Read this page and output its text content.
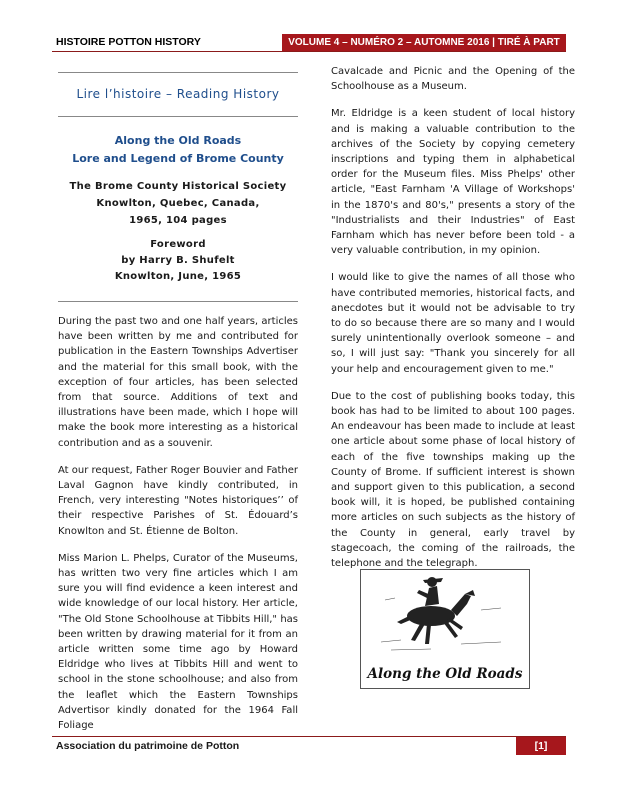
HISTOIRE POTTON HISTORY	VOLUME 4 – NUMÉRO 2 – AUTOMNE 2016 | TIRÉ À PART
Lire l’histoire – Reading History
Along the Old Roads
Lore and Legend of Brome County
The Brome County Historical Society
Knowlton, Quebec, Canada,
1965, 104 pages
Foreword
by Harry B. Shufelt
Knowlton, June, 1965

During the past two and one half years, articles have been written by me and contributed for publication in the Eastern Townships Advertiser and the material for this small book, with the exception of four articles, has been selected from that source. Additions of text and illustrations have been made, which I hope will make the book more interesting as a historical contribution and as a souvenir.

At our request, Father Roger Bouvier and Father Laval Gagnon have kindly contributed, in French, very interesting "Notes historiques’’ of their respective Parishes of St. Édouard’s Knowlton and St. Étienne de Bolton.

Miss Marion L. Phelps, Curator of the Museums, has written two very fine articles which I am sure you will find evidence a keen interest and wide knowledge of our local history. Her article, "The Old Stone Schoolhouse at Tibbits Hill," has been written by drawing material for it from an article written some time ago by Howard Eldridge who lives at Tibbits Hill and went to school in the stone schoolhouse; and also from the leaflet which the Eastern Townships Advertisor kindly donated for the 1964 Fall Foliage

Cavalcade and Picnic and the Opening of the Schoolhouse as a Museum.

Mr. Eldridge is a keen student of local history and is making a valuable contribution to the archives of the Society by copying cemetery inscriptions and typing them in alphabetical order for the Museum files. Miss Phelps' other article, "East Farnham 'A Village of Workshops' in the 1870's and 80's," presents a story of the "Industrialists and their Industries" of East Farnham which has never before been told - a very valuable contribution, in my opinion.

I would like to give the names of all those who have contributed memories, historical facts, and anecdotes but it would not be advisable to try to do so because there are so many and I would surely unintentionally overlook someone – and so, I will just say: "Thank you sincerely for all your help and encouragement given to me."

Due to the cost of publishing books today, this book has had to be limited to about 100 pages. An endeavour has been made to include at least one article about some phase of local history of each of the five townships making up the County of Brome. If sufficient interest is shown and support given to this publication, a second book will, it is hoped, be published containing more articles on such subjects as the history of the County in general, early travel by stagecoach, the coming of the railroads, the telephone and the telegraph.

Along the Old Roads
Association du patrimoine de Potton	[1]
